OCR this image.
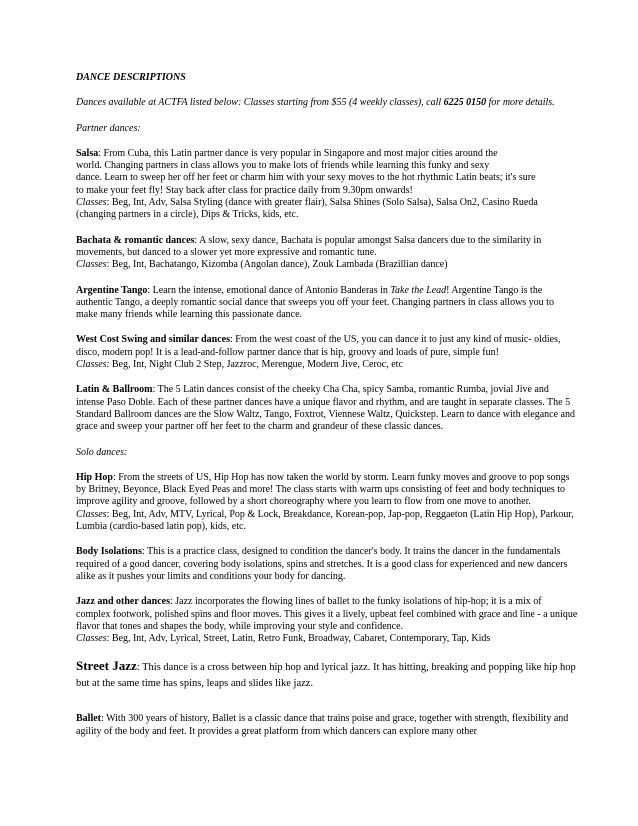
DANCE DESCRIPTIONS

Dances available at ACTFA listed below: Classes starting from $55 (4 weekly classes), call 6225 0150 for more details.

Partner dances:

Salsa: From Cuba, this Latin partner dance is very popular in Singapore and most major cities around the
world. Changing partners in class allows you to make lots of friends while learning this funky and sexy
dance. Learn to sweep her off her feet or charm him with your sexy moves to the hot rhythmic Latin beats; it's sure
to make your feet fly! Stay back after class for practice daily from 9.30pm onwards!

Classes: Beg, Int, Adv, Salsa Styling (dance with greater flair), Salsa Shines (Solo Salsa), Salsa On2, Casino Rueda (changing partners in a circle), Dips & Tricks, kids, etc.

Bachata & romantic dances: A slow, sexy dance, Bachata is popular amongst Salsa dancers due to the similarity in movements, but danced to a slower yet more expressive and romantic tune.

Classes: Beg, Int, Bachatango, Kizomba (Angolan dance), Zouk Lambada (Brazillian dance)

Argentine Tango: Learn the intense, emotional dance of Antonio Banderas in Take the Lead! Argentine Tango is the authentic Tango, a deeply romantic social dance that sweeps you off your feet. Changing partners in class allows you to make many friends while learning this passionate dance.

West Cost Swing and similar dances: From the west coast of the US, you can dance it to just any kind of music- oldies, disco, modern pop! It is a lead-and-follow partner dance that is hip, groovy and loads of pure, simple fun!

Classes: Beg, Int, Night Club 2 Step, Jazzroc, Merengue, Modern Jive, Ceroc, etc

Latin & Ballroom: The 5 Latin dances consist of the cheeky Cha Cha, spicy Samba, romantic Rumba, jovial Jive and intense Paso Doble. Each of these partner dances have a unique flavor and rhythm, and are taught in separate classes. The 5 Standard Ballroom dances are the Slow Waltz, Tango, Foxtrot, Viennese Waltz, Quickstep. Learn to dance with elegance and grace and sweep your partner off her feet to the charm and grandeur of these classic dances.

Solo dances:

Hip Hop: From the streets of US, Hip Hop has now taken the world by storm. Learn funky moves and groove to pop songs by Britney, Beyonce, Black Eyed Peas and more! The class starts with warm ups consisting of feet and body techniques to improve agility and groove, followed by a short choreography where you learn to flow from one move to another.

Classes: Beg, Int, Adv, MTV, Lyrical, Pop & Lock, Breakdance, Korean-pop, Jap-pop, Reggaeton (Latin Hip Hop), Parkour, Lumbia (cardio-based latin pop), kids, etc.

Body Isolations: This is a practice class, designed to condition the dancer's body. It trains the dancer in the fundamentals required of a good dancer, covering body isolations, spins and stretches. It is a good class for experienced and new dancers alike as it pushes your limits and conditions your body for dancing.

Jazz and other dances: Jazz incorporates the flowing lines of ballet to the funky isolations of hip-hop; it is a mix of complex footwork, polished spins and floor moves. This gives it a lively, upbeat feel combined with grace and line - a unique flavor that tones and shapes the body, while improving your style and confidence.

Classes: Beg, Int, Adv, Lyrical, Street, Latin, Retro Funk, Broadway, Cabaret, Contemporary, Tap, Kids

Street Jazz: This dance is a cross between hip hop and lyrical jazz. It has hitting, breaking and popping like hip hop but at the same time has spins, leaps and slides like jazz.

Ballet: With 300 years of history, Ballet is a classic dance that trains poise and grace, together with strength, flexibility and agility of the body and feet. It provides a great platform from which dancers can explore many other
